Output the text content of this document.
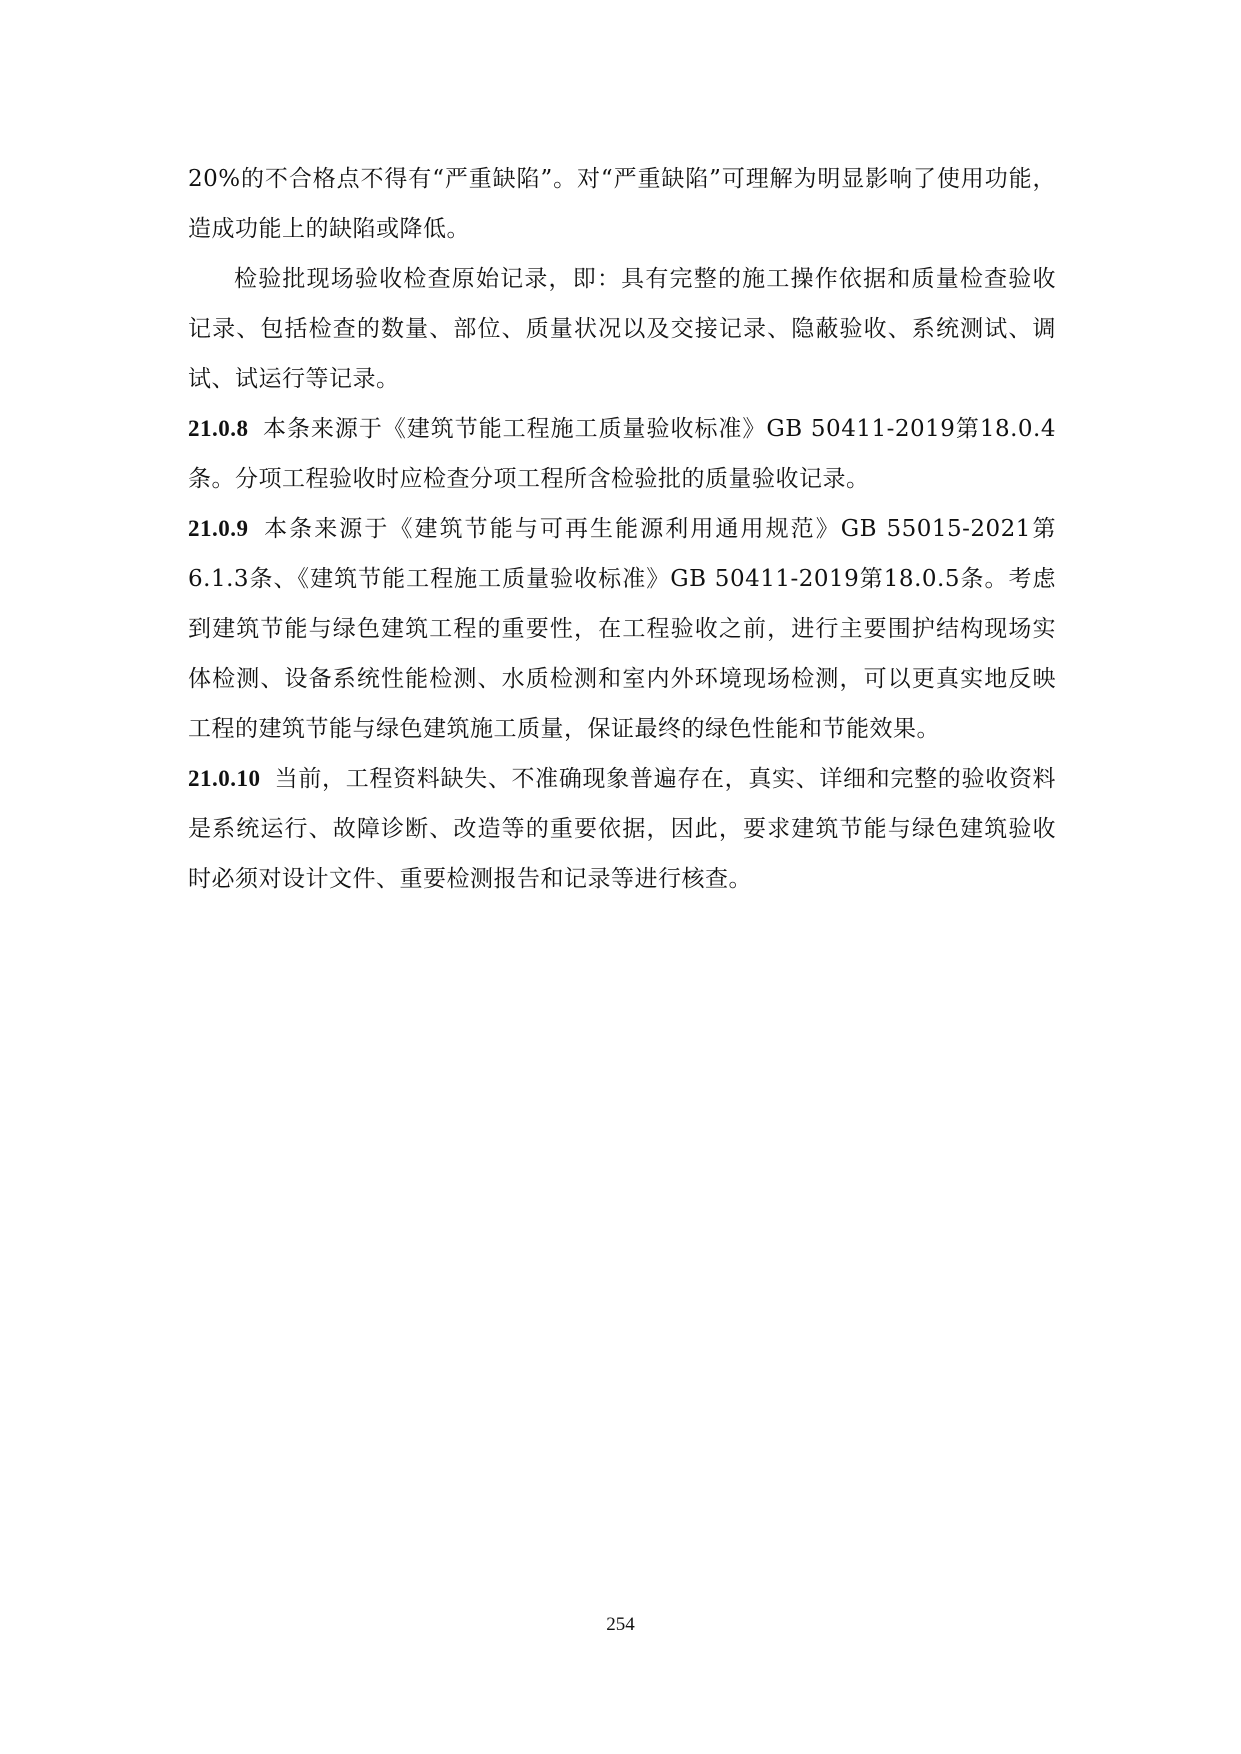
20%的不合格点不得有“严重缺陷”。对“严重缺陷”可理解为明显影响了使用功能，造成功能上的缺陷或降低。

检验批现场验收检查原始记录，即：具有完整的施工操作依据和质量检查验收记录、包括检查的数量、部位、质量状况以及交接记录、隐蔽验收、系统测试、调试、试运行等记录。

21.0.8 本条来源于《建筑节能工程施工质量验收标准》GB 50411-2019第18.0.4条。分项工程验收时应检查分项工程所含检验批的质量验收记录。

21.0.9 本条来源于《建筑节能与可再生能源利用通用规范》GB 55015-2021第6.1.3条、《建筑节能工程施工质量验收标准》GB 50411-2019第18.0.5条。考虑到建筑节能与绿色建筑工程的重要性，在工程验收之前，进行主要围护结构现场实体检测、设备系统性能检测、水质检测和室内外环境现场检测，可以更真实地反映工程的建筑节能与绿色建筑施工质量，保证最终的绿色性能和节能效果。

21.0.10 当前，工程资料缺失、不准确现象普遍存在，真实、详细和完整的验收资料是系统运行、故障诊断、改造等的重要依据，因此，要求建筑节能与绿色建筑验收时必须对设计文件、重要检测报告和记录等进行核查。

254
